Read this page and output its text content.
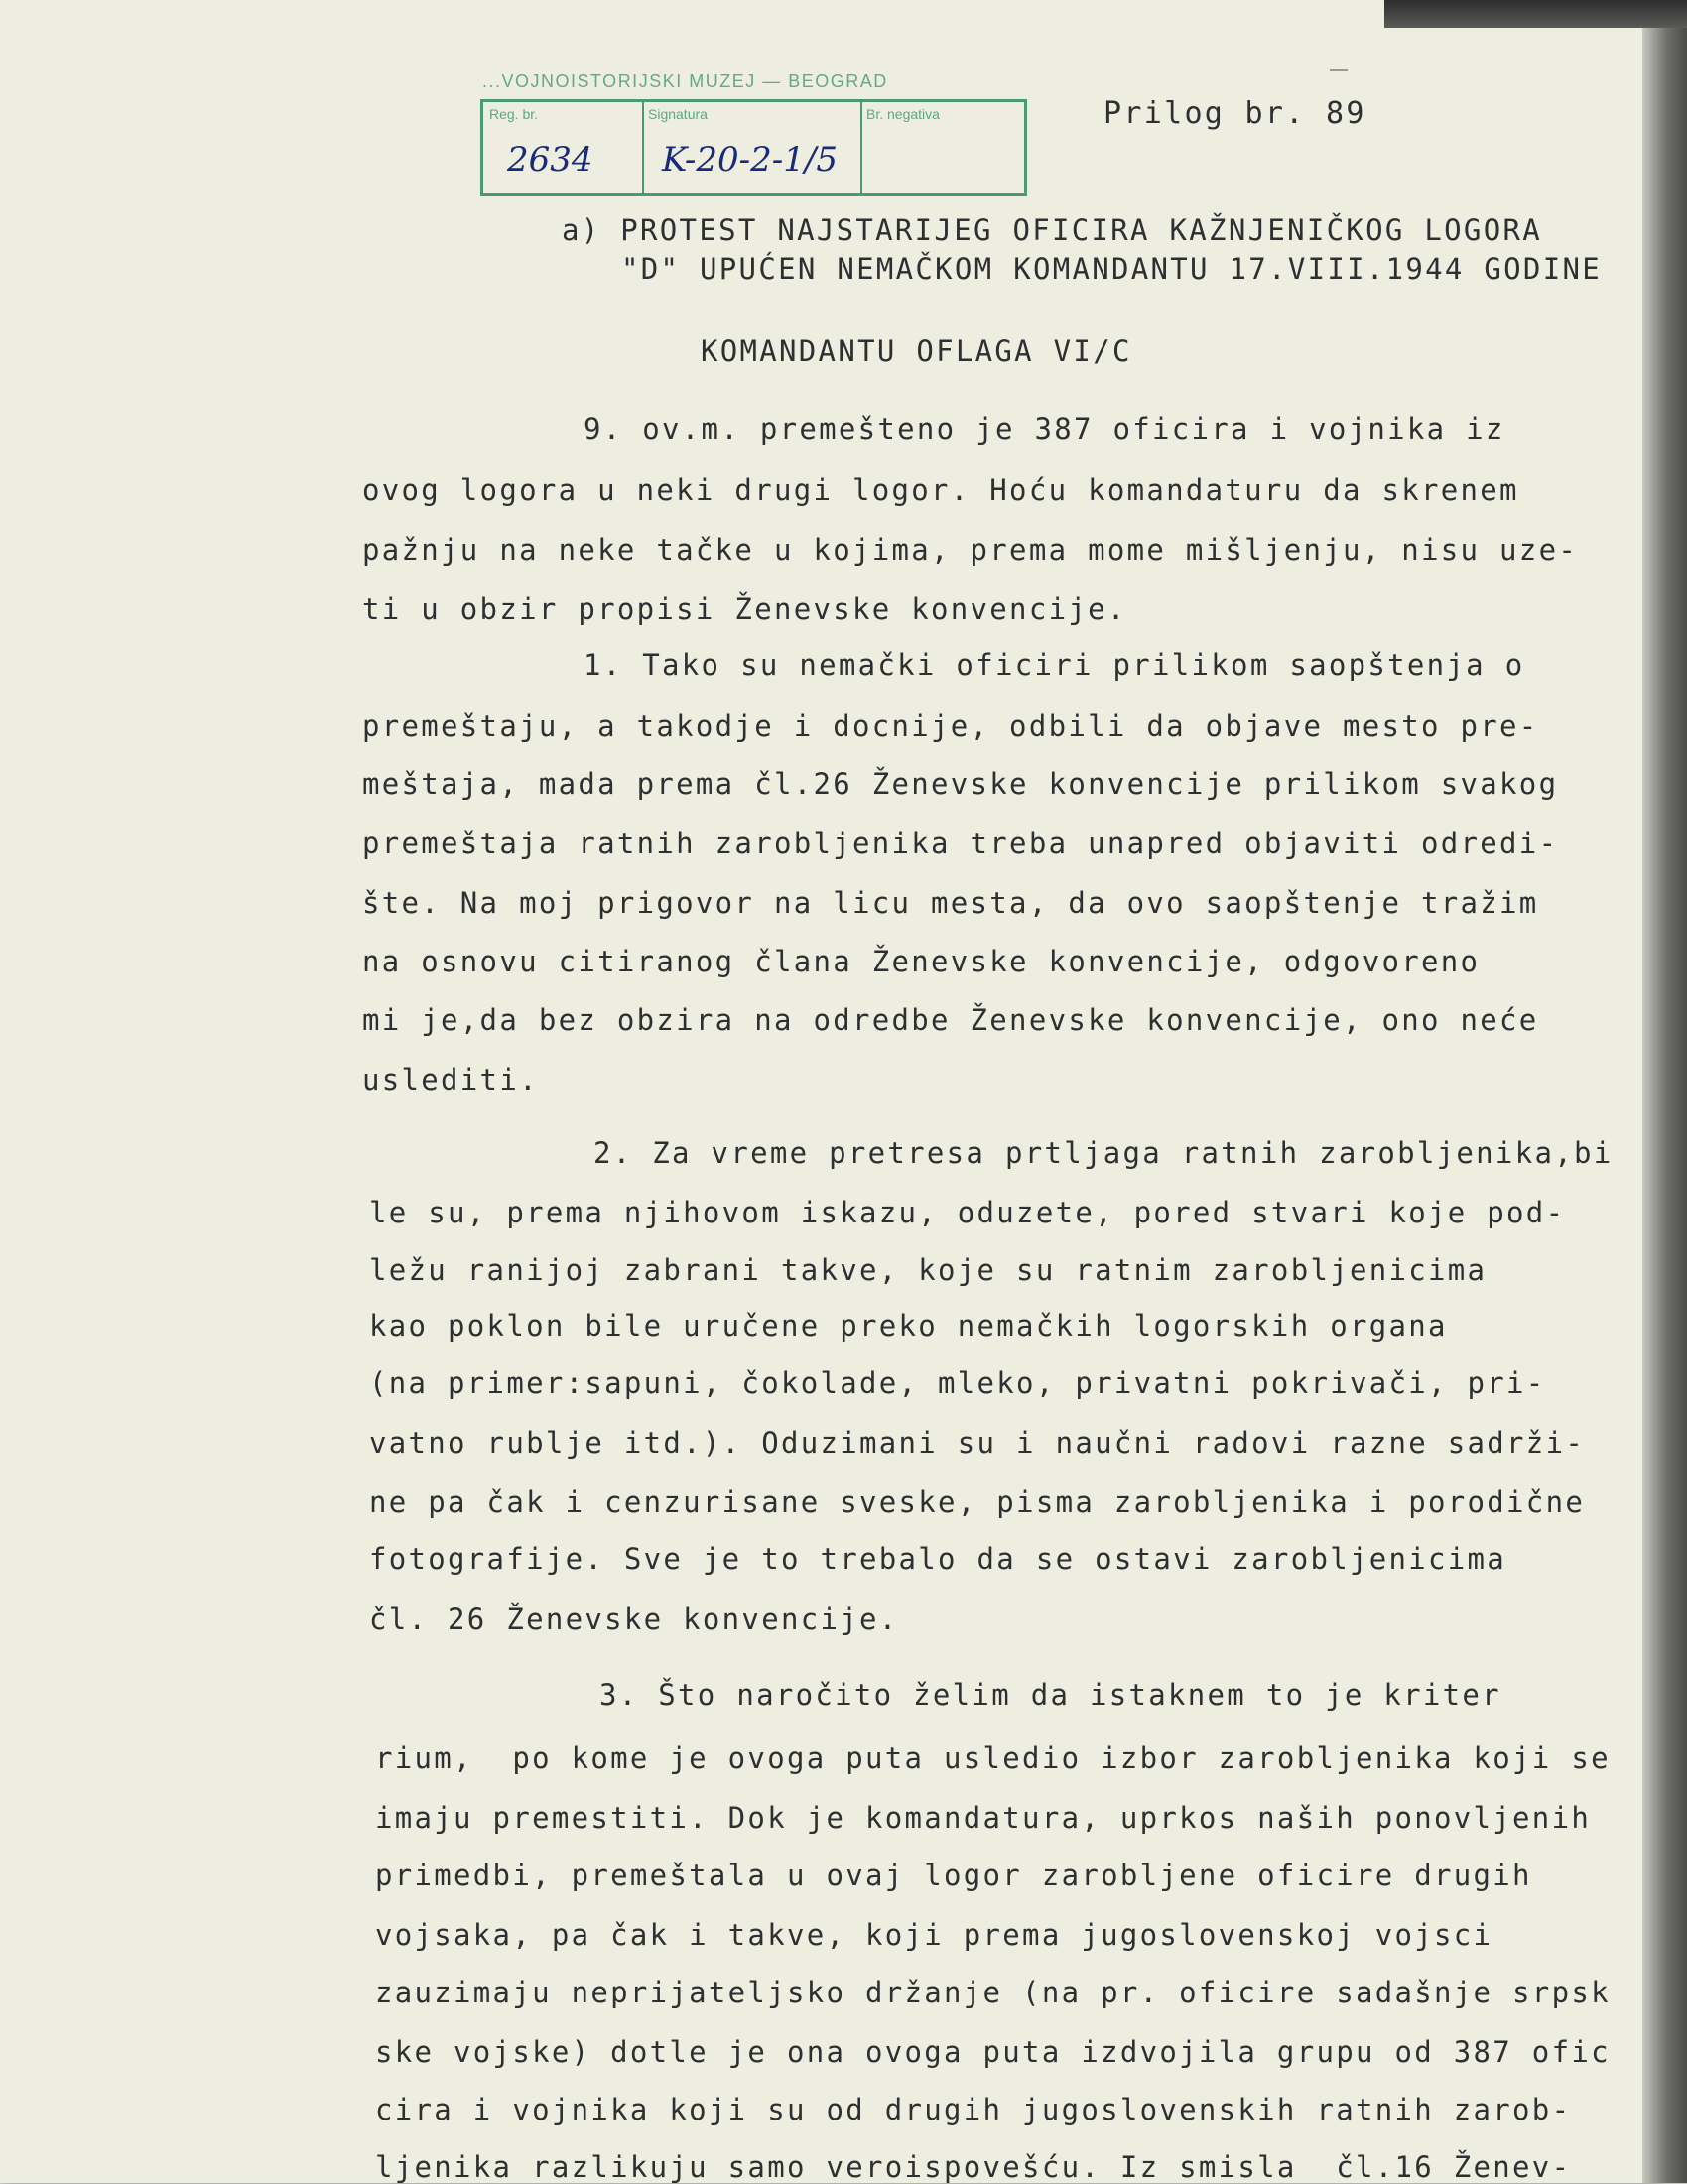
...VOJNOISTORIJSKI MUZEJ — BEOGRAD
Reg. br.
2634
Signatura
K-20-2-1/5
Br. negativa	Prilog br. 89
a) PROTEST NAJSTARIJEG OFICIRA KAŽNJENIČKOG LOGORA
"D" UPUĆEN NEMAČKOM KOMANDANTU 17.VIII.1944 GODINE
KOMANDANTU OFLAGA VI/C
9. ov.m. premešteno je 387 oficira i vojnika iz
ovog logora u neki drugi logor. Hoću komandaturu da skrenem
pažnju na neke tačke u kojima, prema mome mišljenju, nisu uze-
ti u obzir propisi Ženevske konvencije.
1. Tako su nemački oficiri prilikom saopštenja o
premeštaju, a takodje i docnije, odbili da objave mesto pre-
meštaja, mada prema čl.26 Ženevske konvencije prilikom svakog
premeštaja ratnih zarobljenika treba unapred objaviti odredi-
šte. Na moj prigovor na licu mesta, da ovo saopštenje tražim
na osnovu citiranog člana Ženevske konvencije, odgovoreno
mi je,da bez obzira na odredbe Ženevske konvencije, ono neće
uslediti.
2. Za vreme pretresa prtljaga ratnih zarobljenika,bi
le su, prema njihovom iskazu, oduzete, pored stvari koje pod-
ležu ranijoj zabrani takve, koje su ratnim zarobljenicima
kao poklon bile uručene preko nemačkih logorskih organa
(na primer:sapuni, čokolade, mleko, privatni pokrivači, pri-
vatno rublje itd.). Oduzimani su i naučni radovi razne sadrži-
ne pa čak i cenzurisane sveske, pisma zarobljenika i porodične
fotografije. Sve je to trebalo da se ostavi zarobljenicima
čl. 26 Ženevske konvencije.
3. Što naročito želim da istaknem to je kriter
rium,  po kome je ovoga puta usledio izbor zarobljenika koji se
imaju premestiti. Dok je komandatura, uprkos naših ponovljenih
primedbi, premeštala u ovaj logor zarobljene oficire drugih
vojsaka, pa čak i takve, koji prema jugoslovenskoj vojsci
zauzimaju neprijateljsko držanje (na pr. oficire sadašnje srpsk
ske vojske) dotle je ona ovoga puta izdvojila grupu od 387 ofic
cira i vojnika koji su od drugih jugoslovenskih ratnih zarob-
ljenika razlikuju samo veroispovešću. Iz smisla  čl.16 Ženev-
